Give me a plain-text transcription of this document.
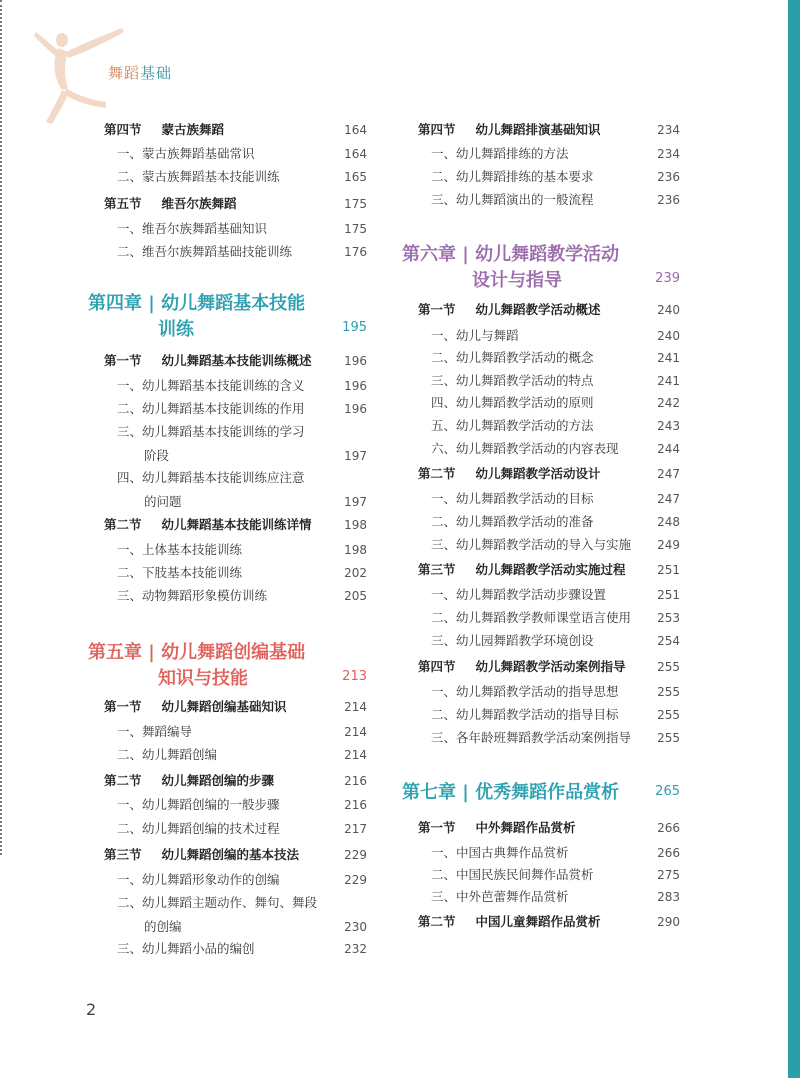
舞蹈基础
第四节 蒙古族舞蹈	164
一、蒙古族舞蹈基础常识	164
二、蒙古族舞蹈基本技能训练	165
第五节 维吾尔族舞蹈	175
一、维吾尔族舞蹈基础知识	175
二、维吾尔族舞蹈基础技能训练	176
第四章 | 幼儿舞蹈基本技能
训练	195
第一节 幼儿舞蹈基本技能训练概述	196
一、幼儿舞蹈基本技能训练的含义	196
二、幼儿舞蹈基本技能训练的作用	196
三、幼儿舞蹈基本技能训练的学习
阶段	197
四、幼儿舞蹈基本技能训练应注意
的问题	197
第二节 幼儿舞蹈基本技能训练详情	198
一、上体基本技能训练	198
二、下肢基本技能训练	202
三、动物舞蹈形象模仿训练	205
第五章 | 幼儿舞蹈创编基础
知识与技能	213
第一节 幼儿舞蹈创编基础知识	214
一、舞蹈编导	214
二、幼儿舞蹈创编	214
第二节 幼儿舞蹈创编的步骤	216
一、幼儿舞蹈创编的一般步骤	216
二、幼儿舞蹈创编的技术过程	217
第三节 幼儿舞蹈创编的基本技法	229
一、幼儿舞蹈形象动作的创编	229
二、幼儿舞蹈主题动作、舞句、舞段
的创编	230
三、幼儿舞蹈小品的编创	232
第四节 幼儿舞蹈排演基础知识	234
一、幼儿舞蹈排练的方法	234
二、幼儿舞蹈排练的基本要求	236
三、幼儿舞蹈演出的一般流程	236
第六章 | 幼儿舞蹈教学活动
设计与指导	239
第一节 幼儿舞蹈教学活动概述	240
一、幼儿与舞蹈	240
二、幼儿舞蹈教学活动的概念	241
三、幼儿舞蹈教学活动的特点	241
四、幼儿舞蹈教学活动的原则	242
五、幼儿舞蹈教学活动的方法	243
六、幼儿舞蹈教学活动的内容表现	244
第二节 幼儿舞蹈教学活动设计	247
一、幼儿舞蹈教学活动的目标	247
二、幼儿舞蹈教学活动的准备	248
三、幼儿舞蹈教学活动的导入与实施	249
第三节 幼儿舞蹈教学活动实施过程	251
一、幼儿舞蹈教学活动步骤设置	251
二、幼儿舞蹈教学教师课堂语言使用	253
三、幼儿园舞蹈教学环境创设	254
第四节 幼儿舞蹈教学活动案例指导	255
一、幼儿舞蹈教学活动的指导思想	255
二、幼儿舞蹈教学活动的指导目标	255
三、各年龄班舞蹈教学活动案例指导	255
第七章 | 优秀舞蹈作品赏析	265
第一节 中外舞蹈作品赏析	266
一、中国古典舞作品赏析	266
二、中国民族民间舞作品赏析	275
三、中外芭蕾舞作品赏析	283
第二节 中国儿童舞蹈作品赏析	290
2
